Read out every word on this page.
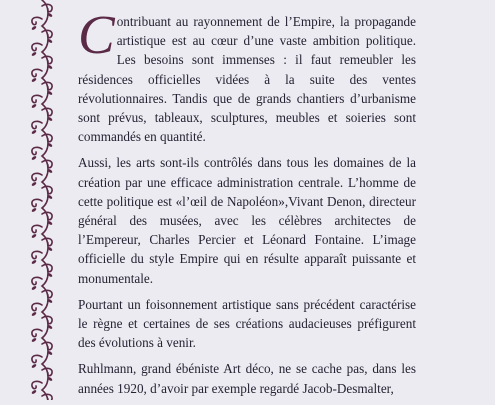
Contribuant au rayonnement de l’Empire, la propagande artistique est au cœur d’une vaste ambition politique. Les besoins sont immenses : il faut remeubler les résidences officielles vidées à la suite des ventes révolutionnaires. Tandis que de grands chantiers d’urbanisme sont prévus, tableaux, sculptures, meubles et soieries sont commandés en quantité.

Aussi, les arts sont-ils contrôlés dans tous les domaines de la création par une efficace administration centrale. L’homme de cette politique est «l’œil de Napoléon»,Vivant Denon, directeur général des musées, avec les célèbres architectes de l’Empereur, Charles Percier et Léonard Fontaine. L’image officielle du style Empire qui en résulte apparaît puissante et monumentale.

Pourtant un foisonnement artistique sans précédent caractérise le règne et certaines de ses créations audacieuses préfigurent des évolutions à venir.

Ruhlmann, grand ébéniste Art déco, ne se cache pas, dans les années 1920, d’avoir par exemple regardé Jacob-Desmalter,
